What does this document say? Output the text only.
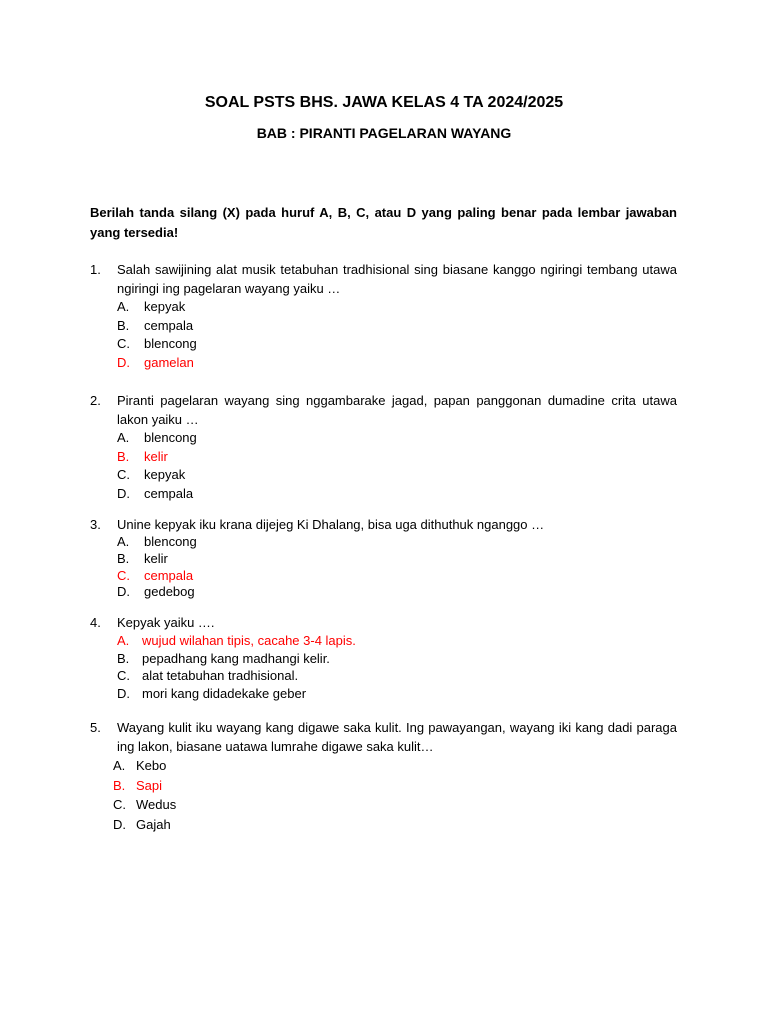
SOAL PSTS BHS. JAWA KELAS 4 TA 2024/2025
BAB : PIRANTI PAGELARAN WAYANG
Berilah tanda silang (X) pada huruf A, B, C, atau D yang paling benar pada lembar jawaban yang tersedia!
1. Salah sawijining alat musik tetabuhan tradhisional sing biasane kanggo ngiringi tembang utawa ngiringi ing pagelaran wayang yaiku …
A. kepyak
B. cempala
C. blencong
D. gamelan
2. Piranti pagelaran wayang sing nggambarake jagad, papan panggonan dumadine crita utawa lakon yaiku …
A. blencong
B. kelir
C. kepyak
D. cempala
3. Unine kepyak iku krana dijejeg Ki Dhalang, bisa uga dithuthuk nganggo …
A. blencong
B. kelir
C. cempala
D. gedebog
4. Kepyak yaiku ….
A. wujud wilahan tipis, cacahe 3-4 lapis.
B. pepadhang kang madhangi kelir.
C. alat tetabuhan tradhisional.
D. mori kang didadekake geber
5. Wayang kulit iku wayang kang digawe saka kulit. Ing pawayangan, wayang iki kang dadi paraga ing lakon, biasane uatawa lumrahe digawe saka kulit…
A. Kebo
B. Sapi
C. Wedus
D. Gajah
